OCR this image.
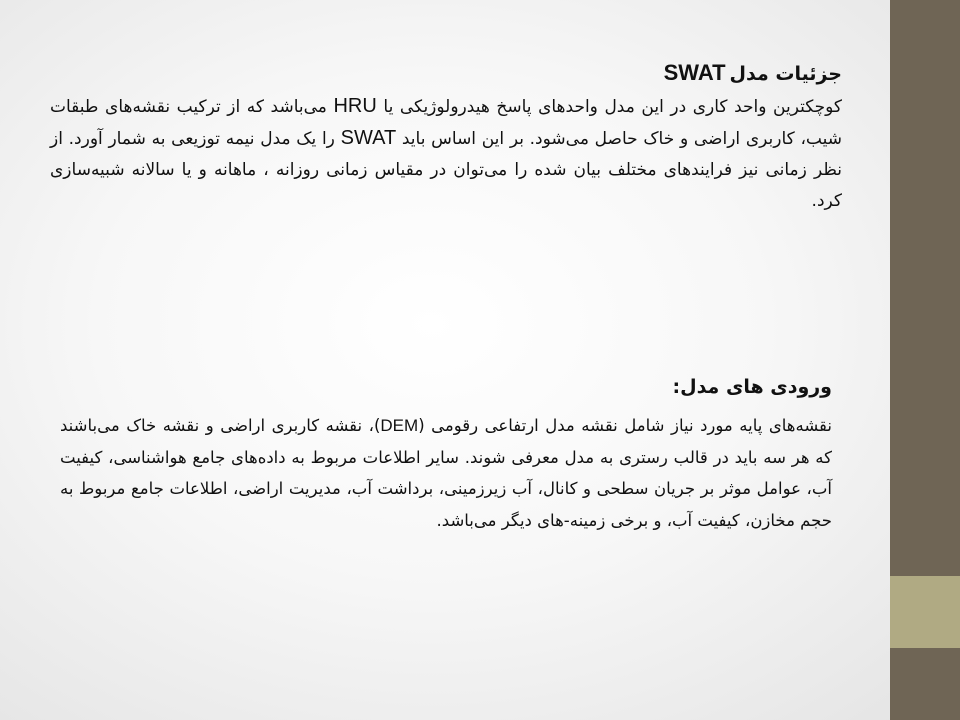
جزئیات مدلSWAT

کوچکترین واحد کاری در این مدل واحدهای پاسخ هیدرولوژیکی یا HRU می‌باشد که از ترکیب نقشه‌های طبقات شیب، کاربری اراضی و خاک حاصل می‌شود. بر این اساس باید SWAT را یک مدل نیمه توزیعی به شمار آورد. از نظر زمانی نیز فرایندهای مختلف بیان شده را می‌توان در مقیاس زمانی روزانه ، ماهانه و یا سالانه شبیه‌سازی کرد.

ورودی های مدل:

نقشه‌های پایه مورد نیاز شامل نقشه مدل ارتفاعی رقومی (DEM)، نقشه کاربری اراضی و نقشه خاک می‌باشند که هر سه باید در قالب رستری به مدل معرفی شوند. سایر اطلاعات مربوط به داده‌های جامع هواشناسی، کیفیت آب، عوامل موثر بر جریان سطحی و کانال، آب زیرزمینی، برداشت آب، مدیریت اراضی، اطلاعات جامع مربوط به حجم مخازن، کیفیت آب، و برخی زمینه-های دیگر می‌باشد.
